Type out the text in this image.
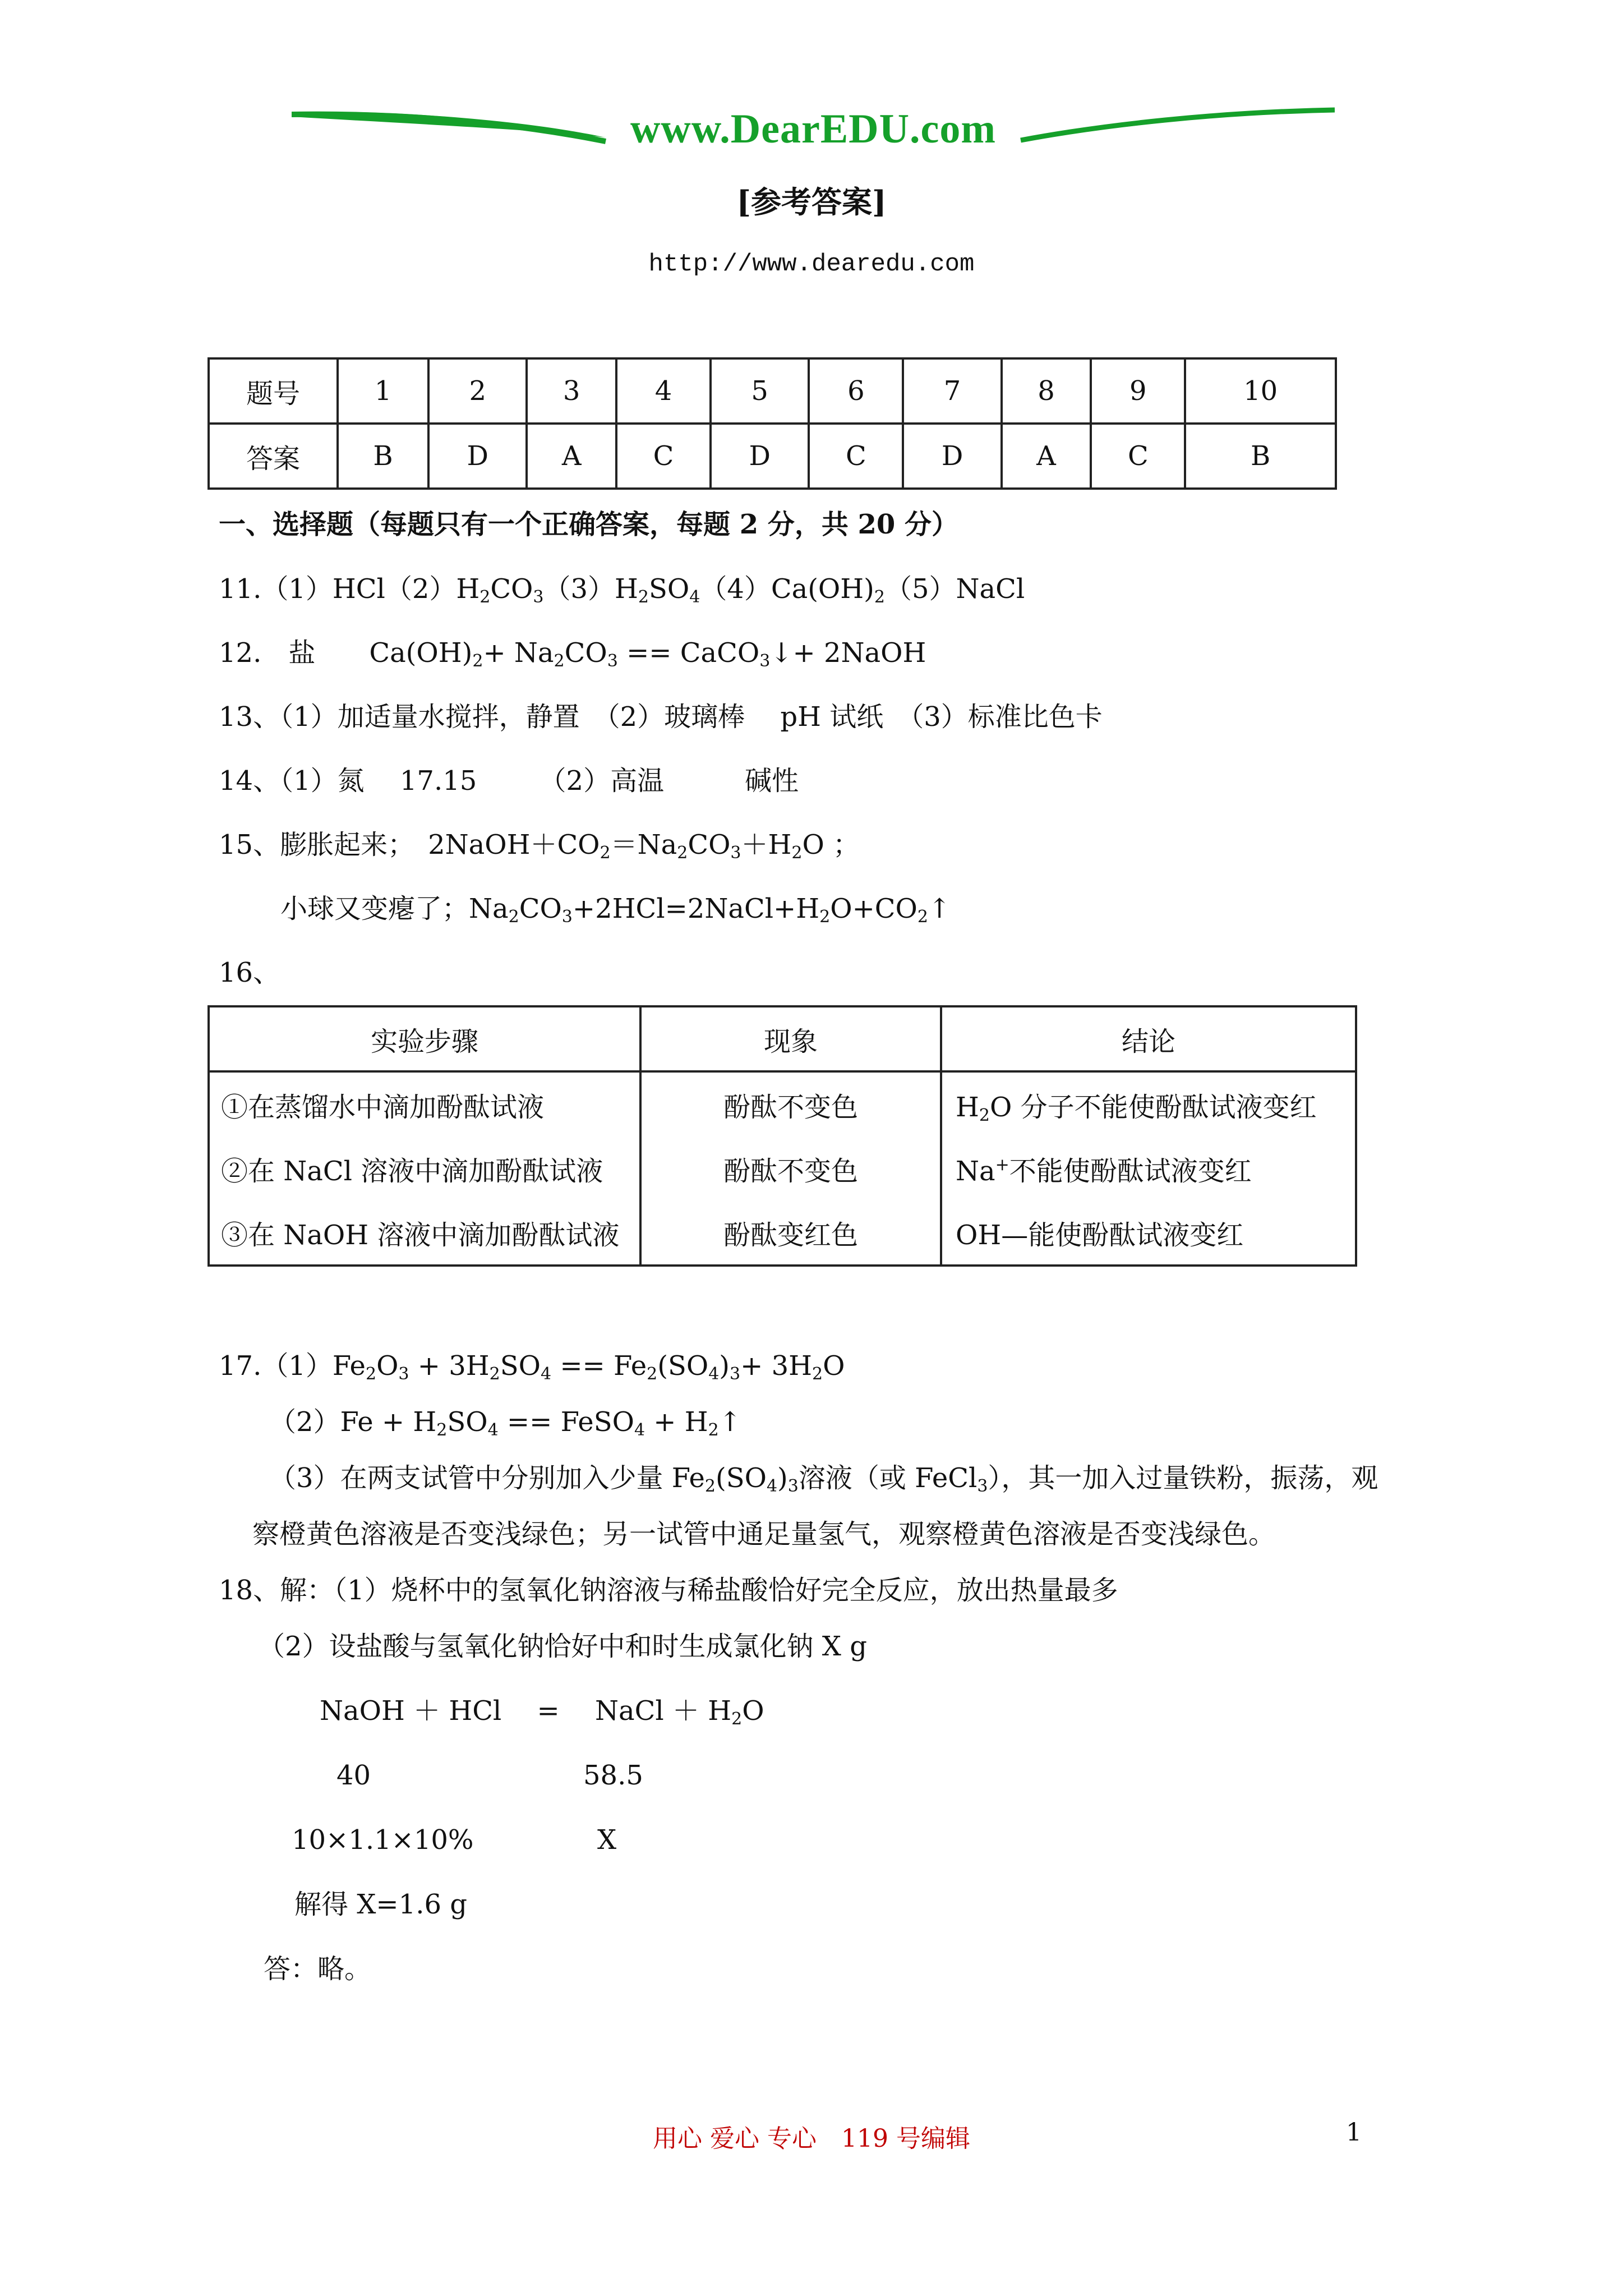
www.DearEDU.com
[参考答案]
http://www.dearedu.com
题号	1	2	3	4	5	6	7	8	9	10
答案	B	D	A	C	D	C	D	A	C	B
一、选择题（每题只有一个正确答案，每题 2 分，共 20 分）
$11.(1)HCl(2)H_2CO_3(3)H_2SO_4(4)Ca(OH)_2(5)NaCl$
12.　盐　　$Ca(OH)_2+ Na_2CO_3$ == CaCO$_3$↓+ 2NaOH
13、（1）加适量水搅拌，静置　（2）玻璃棒　 pH 试纸　（3）标准比色卡
14、（1）氮　 17.15　　 （2）高温　　　碱性
15、膨胀起来；　$2NaOH+CO_2=Na_2CO_3+H_2O$ ；
小球又变瘪了；$Na_2CO_3+2HCl=2NaCl+H_2O+CO_2↑$
16、
实验步骤	现象	结论
①在蒸馏水中滴加酚酞试液	酚酞不变色	$H_2O$ 分子不能使酚酞试液变红
②在 NaCl 溶液中滴加酚酞试液	酚酞不变色	Na+不能使酚酞试液变红
③在 NaOH 溶液中滴加酚酞试液	酚酞变红色	OH—能使酚酞试液变红
$17.(1)Fe_2O_3 + 3H_2SO_4 == Fe_2(SO_4)_3+ 3H_2O$
$(2)Fe + H_2SO_4$ == FeSO$_4$ + $H_2↑$
（3）在两支试管中分别加入少量 $Fe_2(SO_4)_3$溶液（或 FeCl$_3$），其一加入过量铁粉，振荡，观
察橙黄色溶液是否变浅绿色；另一试管中通足量氢气，观察橙黄色溶液是否变浅绿色。
18、解：（1）烧杯中的氢氧化钠溶液与稀盐酸恰好完全反应，放出热量最多
（2）设盐酸与氢氧化钠恰好中和时生成氯化钠 X g
NaOH ＋ HCl　 =　 NaCl ＋ $H_2O$
40	58.5
10×1.1×10%	X
解得 X=1.6 g
答：略。
用心 爱心 专心　119 号编辑	1
